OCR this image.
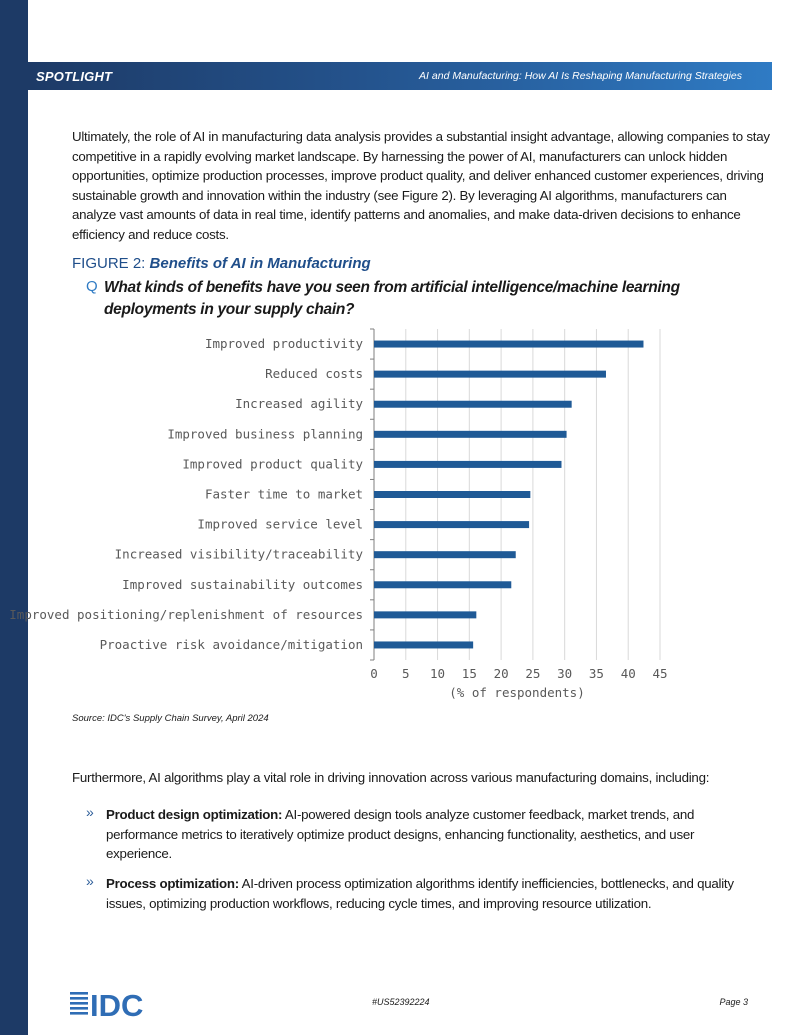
SPOTLIGHT	AI and Manufacturing: How AI Is Reshaping Manufacturing Strategies
Ultimately, the role of AI in manufacturing data analysis provides a substantial insight advantage, allowing companies to stay competitive in a rapidly evolving market landscape. By harnessing the power of AI, manufacturers can unlock hidden opportunities, optimize production processes, improve product quality, and deliver enhanced customer experiences, driving sustainable growth and innovation within the industry (see Figure 2). By leveraging AI algorithms, manufacturers can analyze vast amounts of data in real time, identify patterns and anomalies, and make data-driven decisions to enhance efficiency and reduce costs.
FIGURE 2: Benefits of AI in Manufacturing
Q What kinds of benefits have you seen from artificial intelligence/machine learning deployments in your supply chain?
Improved productivity
Reduced costs
Increased agility
Improved business planning
Improved product quality
Faster time to market
Improved service level
Increased visibility/traceability
Improved sustainability outcomes
Improved positioning/replenishment of resources
Proactive risk avoidance/mitigation
0 5 10 15 20 25 30 35 40 45
(% of respondents)
Source: IDC's Supply Chain Survey, April 2024
Furthermore, AI algorithms play a vital role in driving innovation across various manufacturing domains, including:
» Product design optimization: AI-powered design tools analyze customer feedback, market trends, and performance metrics to iteratively optimize product designs, enhancing functionality, aesthetics, and user experience.
» Process optimization: AI-driven process optimization algorithms identify inefficiencies, bottlenecks, and quality issues, optimizing production workflows, reducing cycle times, and improving resource utilization.
IDC	#US52392224	Page 3
